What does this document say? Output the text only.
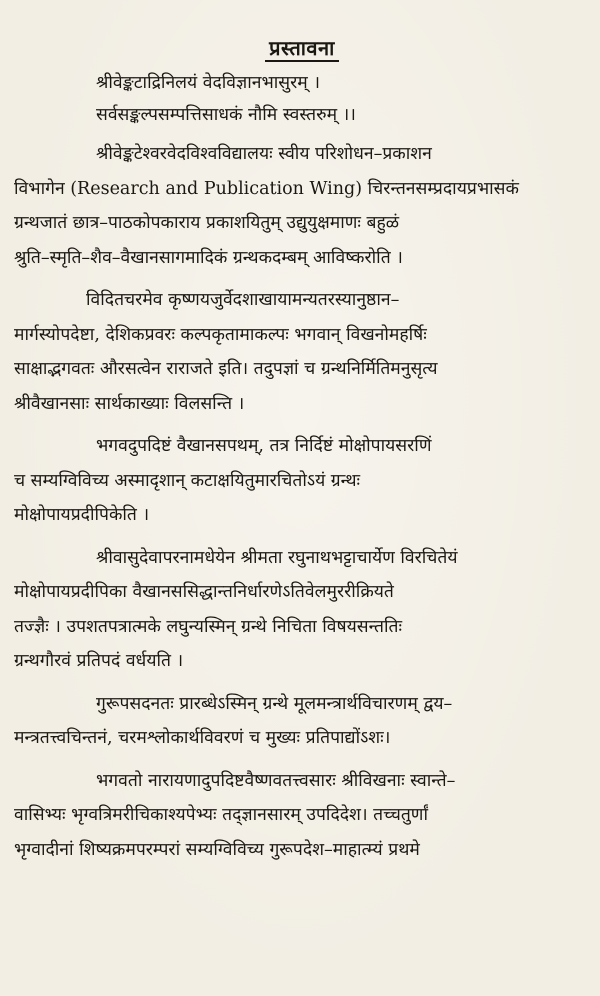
प्रस्तावना
श्रीवेङ्कटाद्रिनिलयं वेदविज्ञानभासुरम् ।
सर्वसङ्कल्पसम्पत्तिसाधकं नौमि स्वस्तरुम् ।।
श्रीवेङ्कटेश्वरवेदविश्वविद्यालयः स्वीय परिशोधन–प्रकाशन
विभागेन (Research and Publication Wing) चिरन्तनसम्प्रदायप्रभासकं
ग्रन्थजातं छात्र–पाठकोपकाराय प्रकाशयितुम् उद्युयुक्षमाणः बहुळं
श्रुति–स्मृति–शैव–वैखानसागमादिकं ग्रन्थकदम्बम् आविष्करोति ।
विदितचरमेव कृष्णयजुर्वेदशाखायामन्यतरस्यानुष्ठान–
मार्गस्योपदेष्टा, देशिकप्रवरः कल्पकृतामाकल्पः भगवान् विखनोमहर्षिः
साक्षाद्भगवतः औरसत्वेन राराजते इति। तदुपज्ञां च ग्रन्थनिर्मितिमनुसृत्य
श्रीवैखानसाः सार्थकाख्याः विलसन्ति ।
भगवदुपदिष्टं वैखानसपथम्, तत्र निर्दिष्टं मोक्षोपायसरणिं
च सम्यग्विविच्य अस्मादृशान् कटाक्षयितुमारचितोऽयं ग्रन्थः
मोक्षोपायप्रदीपिकेति ।
श्रीवासुदेवापरनामधेयेन श्रीमता रघुनाथभट्टाचार्येण विरचितेयं
मोक्षोपायप्रदीपिका वैखानससिद्धान्तनिर्धारणेऽतिवेलमुररीक्रियते
तज्ज्ञैः । उपशतपत्रात्मके लघुन्यस्मिन् ग्रन्थे निचिता विषयसन्ततिः
ग्रन्थगौरवं प्रतिपदं वर्धयति ।
गुरूपसदनतः प्रारब्धेऽस्मिन् ग्रन्थे मूलमन्त्रार्थविचारणम् द्वय–
मन्त्रतत्त्वचिन्तनं, चरमश्लोकार्थविवरणं च मुख्यः प्रतिपाद्योंऽशः।
भगवतो नारायणादुपदिष्टवैष्णवतत्त्वसारः श्रीविखनाः स्वान्ते–
वासिभ्यः भृग्वत्रिमरीचिकाश्यपेभ्यः तद्ज्ञानसारम् उपदिदेश। तच्चतुर्णां
भृग्वादीनां शिष्यक्रमपरम्परां सम्यग्विविच्य गुरूपदेश–माहात्म्यं प्रथमे
